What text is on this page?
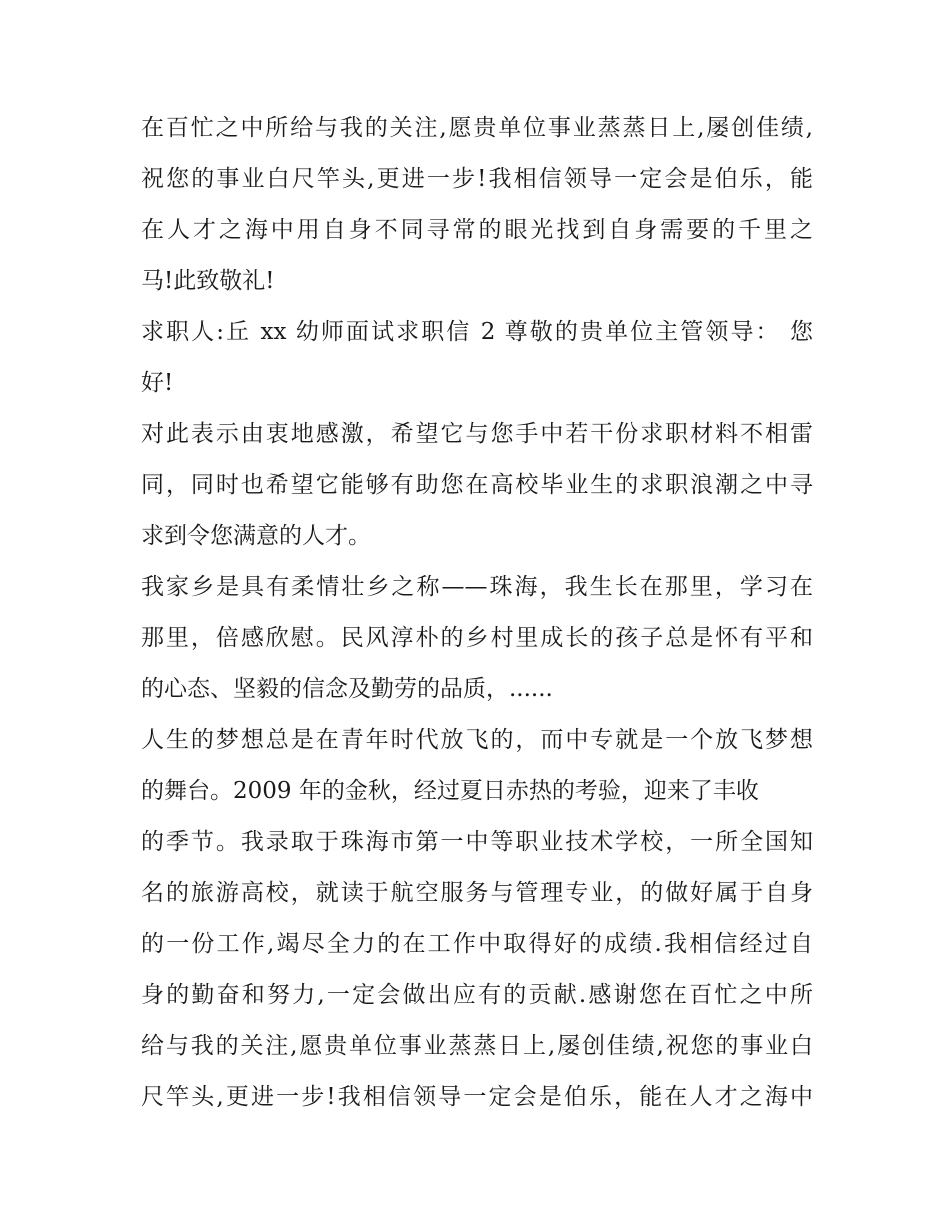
在百忙之中所给与我的关注,愿贵单位事业蒸蒸日上,屡创佳绩,
祝您的事业白尺竿头,更进一步!我相信领导一定会是伯乐，能
在人才之海中用自身不同寻常的眼光找到自身需要的千里之
马!此致敬礼!
求职人:丘 xx 幼师面试求职信 2 尊敬的贵单位主管领导： 您
好!
对此表示由衷地感激，希望它与您手中若干份求职材料不相雷
同，同时也希望它能够有助您在高校毕业生的求职浪潮之中寻
求到令您满意的人才。
我家乡是具有柔情壮乡之称——珠海，我生长在那里，学习在
那里，倍感欣慰。民风淳朴的乡村里成长的孩子总是怀有平和
的心态、坚毅的信念及勤劳的品质，......
人生的梦想总是在青年时代放飞的，而中专就是一个放飞梦想
的舞台。2009 年的金秋，经过夏日赤热的考验，迎来了丰收
的季节。我录取于珠海市第一中等职业技术学校，一所全国知
名的旅游高校，就读于航空服务与管理专业，的做好属于自身
的一份工作,竭尽全力的在工作中取得好的成绩.我相信经过自
身的勤奋和努力,一定会做出应有的贡献.感谢您在百忙之中所
给与我的关注,愿贵单位事业蒸蒸日上,屡创佳绩,祝您的事业白
尺竿头,更进一步!我相信领导一定会是伯乐，能在人才之海中
